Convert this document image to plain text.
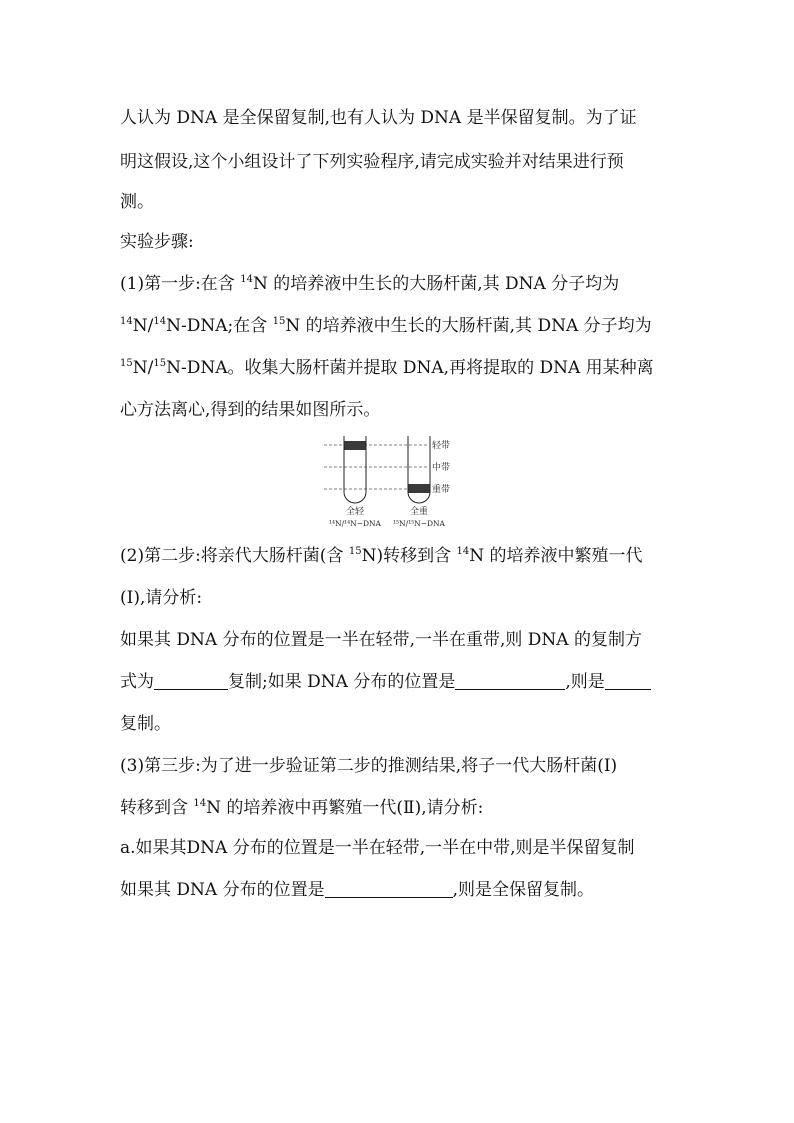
人认为 DNA 是全保留复制,也有人认为 DNA 是半保留复制。为了证
明这假设,这个小组设计了下列实验程序,请完成实验并对结果进行预
测。
实验步骤:
(1)第一步:在含 $^{14}$N 的培养液中生长的大肠杆菌,其 DNA 分子均为
$^{14}$N/$^{14}$N-DNA;在含 $^{15}$N 的培养液中生长的大肠杆菌,其 DNA 分子均为
$^{15}$N/$^{15}$N-DNA。收集大肠杆菌并提取 DNA,再将提取的 DNA 用某种离
心方法离心,得到的结果如图所示。
轻带
中带
重带
全轻	全重
¹⁴N/¹⁴N−DNA ¹⁵N/¹⁵N−DNA
(2)第二步:将亲代大肠杆菌(含 $^{15}$N)转移到含 $^{14}$N 的培养液中繁殖一代
(Ⅰ),请分析:
如果其 DNA 分布的位置是一半在轻带,一半在重带,则 DNA 的复制方
式为	复制;如果 DNA 分布的位置是	,则是
复制。
(3)第三步:为了进一步验证第二步的推测结果,将子一代大肠杆菌(Ⅰ)
转移到含 $^{14}$N 的培养液中再繁殖一代(Ⅱ),请分析:
a.如果其DNA 分布的位置是一半在轻带,一半在中带,则是半保留复制
如果其 DNA 分布的位置是	,则是全保留复制。
